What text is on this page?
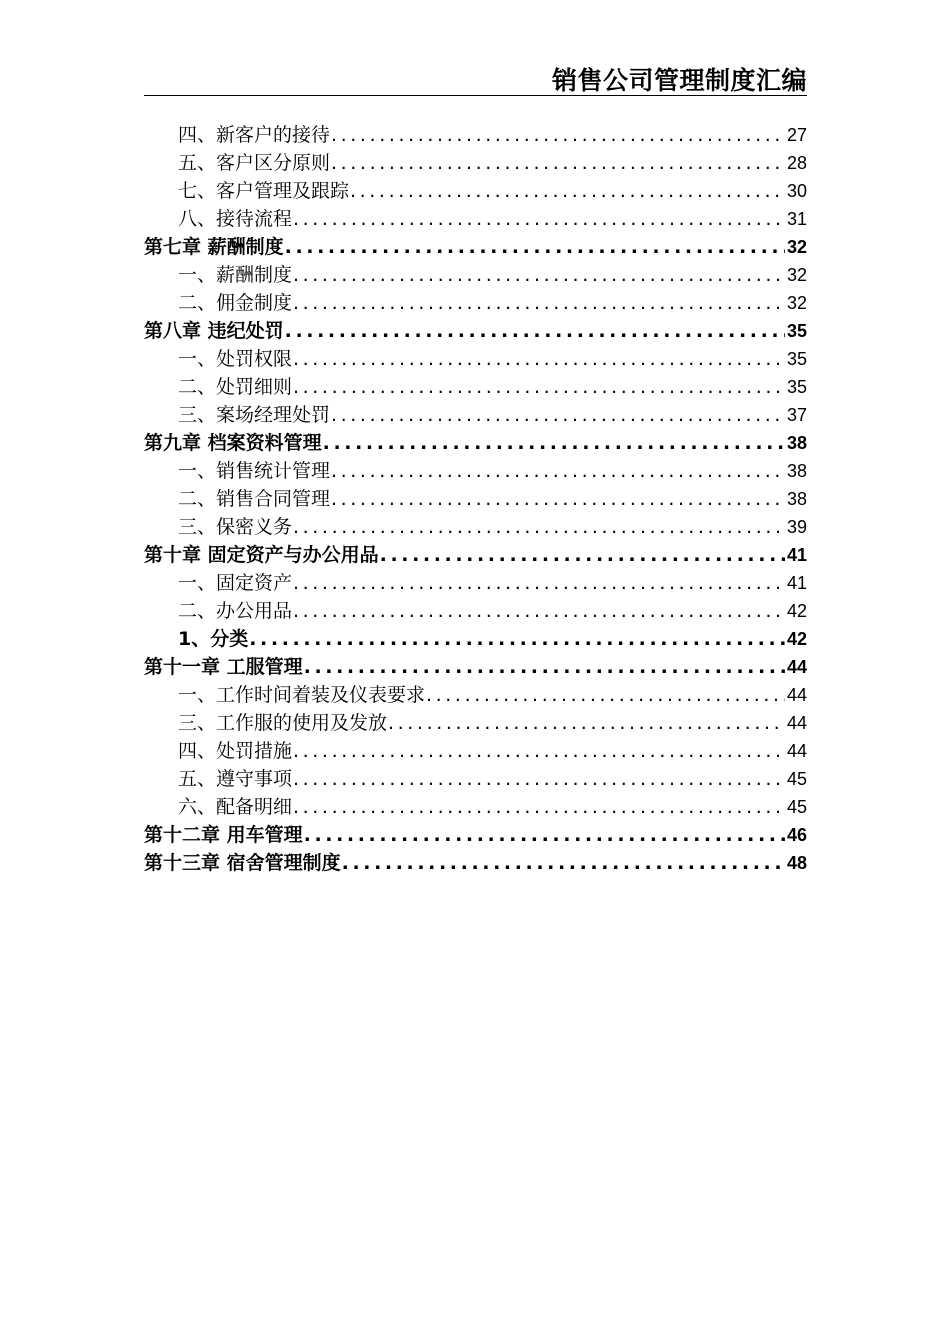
销售公司管理制度汇编
四、新客户的接待 .....	27
五、客户区分原则 .....	28
七、客户管理及跟踪 .....	30
八、接待流程 .....	31
第七章 薪酬制度 .....	32
一、薪酬制度 .....	32
二、佣金制度 .....	32
第八章 违纪处罚 .....	35
一、处罚权限 .....	35
二、处罚细则 .....	35
三、案场经理处罚 .....	37
第九章 档案资料管理 .....	38
一、销售统计管理 .....	38
二、销售合同管理 .....	38
三、保密义务 .....	39
第十章 固定资产与办公用品 .....	41
一、固定资产 .....	41
二、办公用品 .....	42
1、分类 .....	42
第十一章 工服管理 .....	44
一、工作时间着装及仪表要求 .....	44
三、工作服的使用及发放 .....	44
四、处罚措施 .....	44
五、遵守事项 .....	45
六、配备明细 .....	45
第十二章 用车管理 .....	46
第十三章 宿舍管理制度 .....	48
